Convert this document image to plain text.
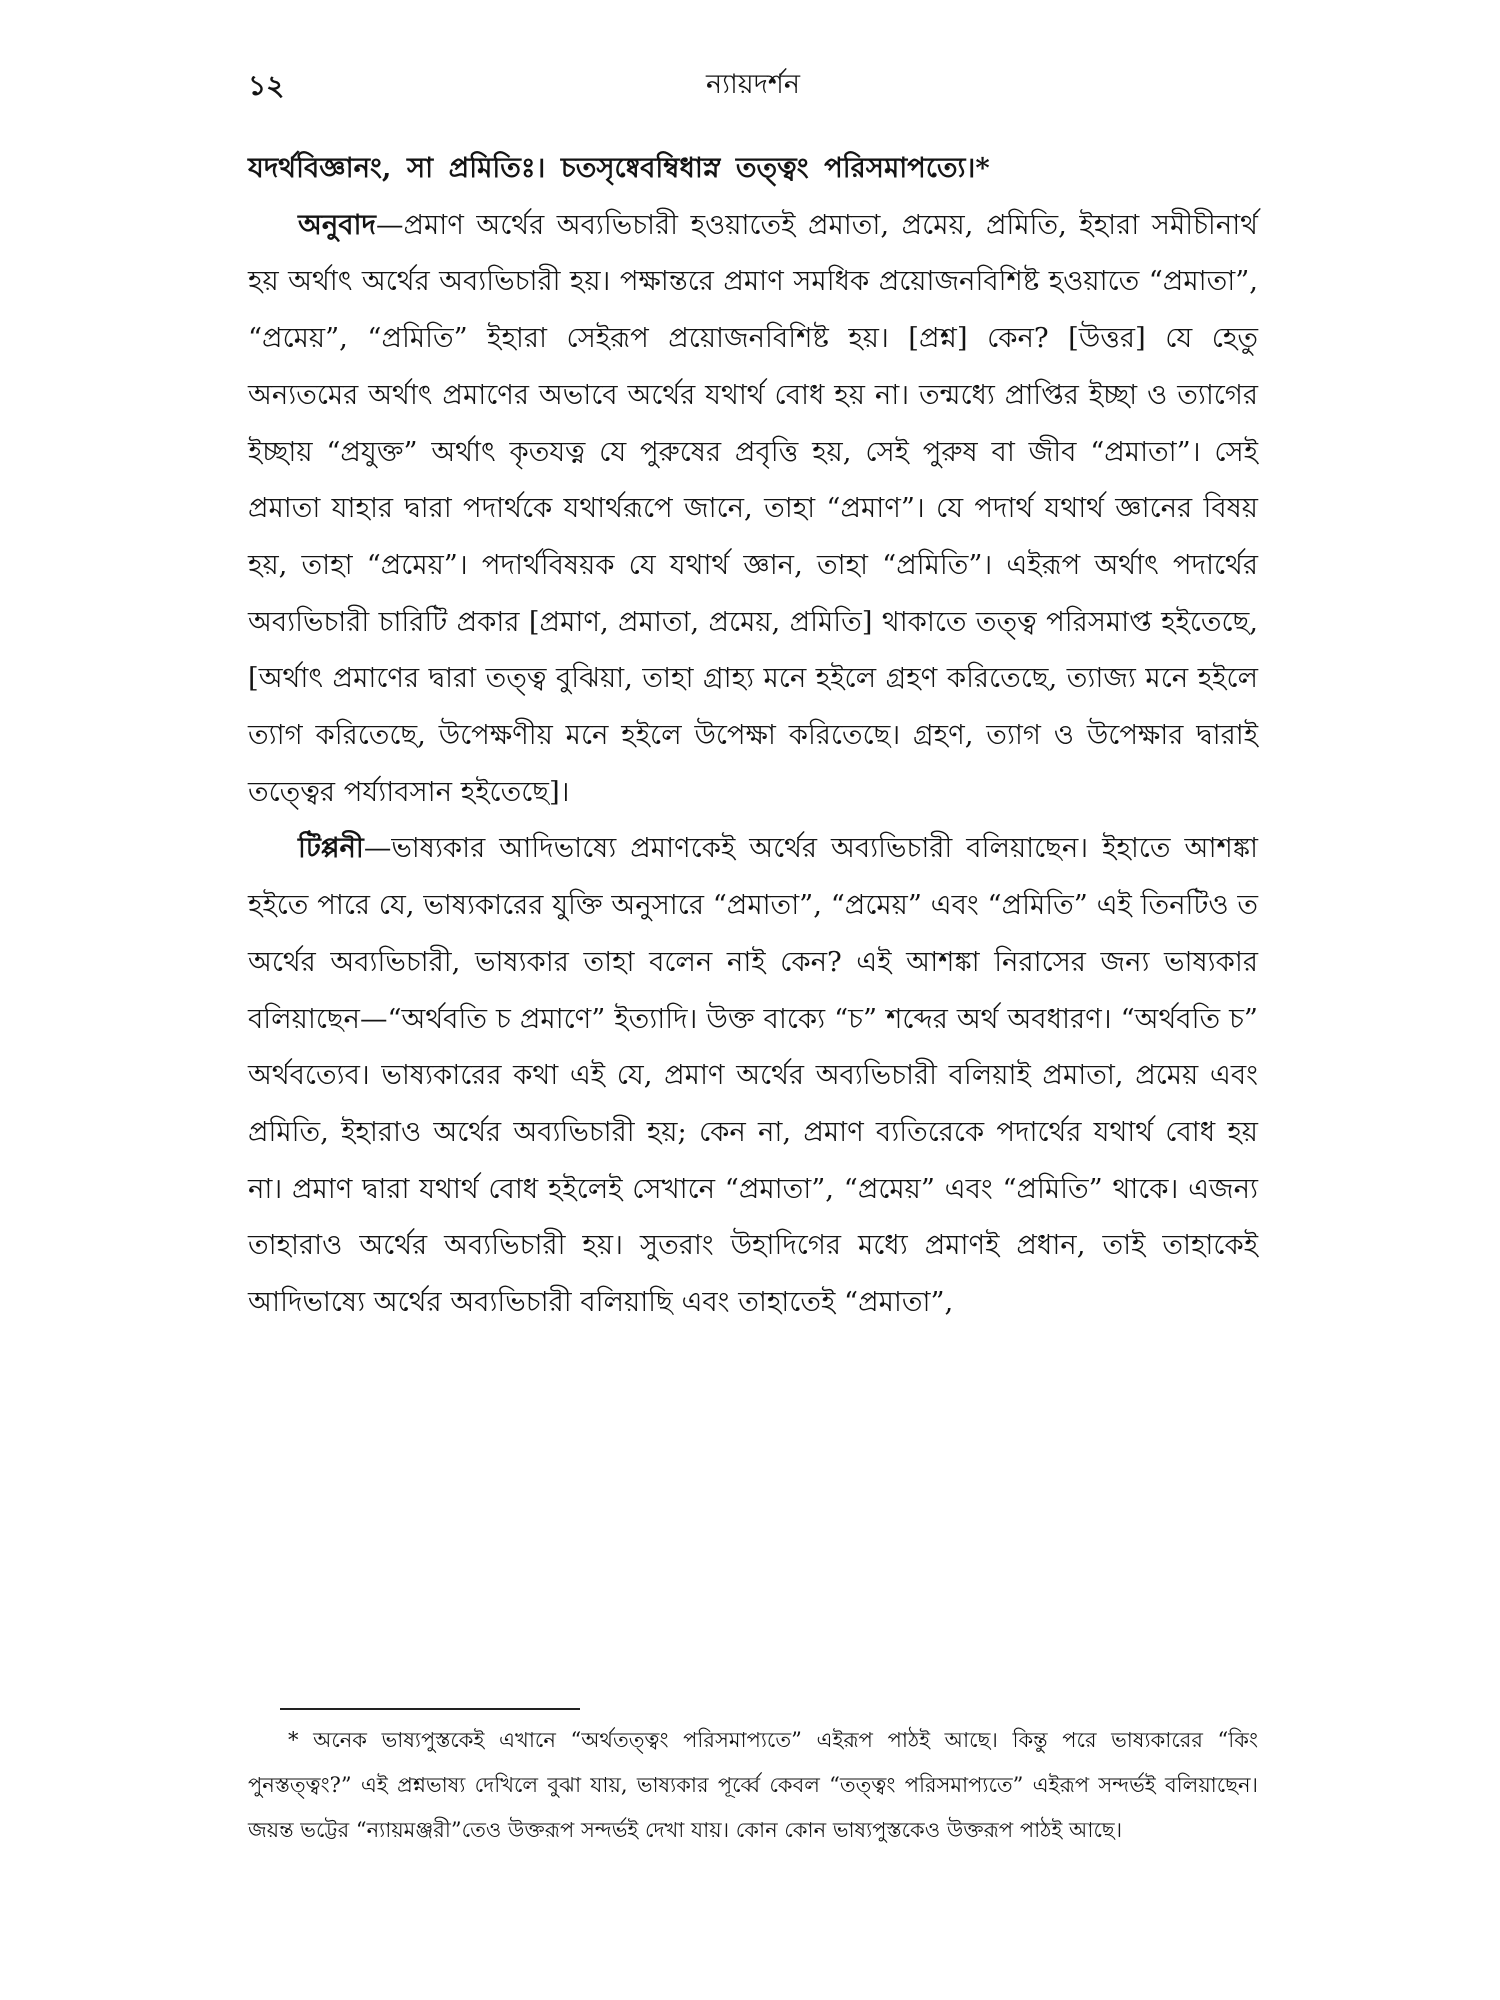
১২	ন্যায়দর্শন

যদর্থবিজ্ঞানং, সা প্রমিতিঃ। চতসৃষ্বেবম্বিধাস্ন তত্ত্বং পরিসমাপত্যে।*

অনুবাদ—প্রমাণ অর্থের অব্যভিচারী হওয়াতেই প্রমাতা, প্রমেয়, প্রমিতি, ইহারা সমীচীনার্থ হয় অর্থাৎ অর্থের অব্যভিচারী হয়। পক্ষান্তরে প্রমাণ সমধিক প্রয়োজনবিশিষ্ট হওয়াতে “প্রমাতা”, “প্রমেয়”, “প্রমিতি” ইহারা সেইরূপ প্রয়োজনবিশিষ্ট হয়। [প্রশ্ন] কেন? [উত্তর] যে হেতু অন্যতমের অর্থাৎ প্রমাণের অভাবে অর্থের যথার্থ বোধ হয় না। তন্মধ্যে প্রাপ্তির ইচ্ছা ও ত্যাগের ইচ্ছায় “প্রযুক্ত” অর্থাৎ কৃতযত্ন যে পুরুষের প্রবৃত্তি হয়, সেই পুরুষ বা জীব “প্রমাতা”। সেই প্রমাতা যাহার দ্বারা পদার্থকে যথার্থরূপে জানে, তাহা “প্রমাণ”। যে পদার্থ যথার্থ জ্ঞানের বিষয় হয়, তাহা “প্রমেয়”। পদার্থবিষয়ক যে যথার্থ জ্ঞান, তাহা “প্রমিতি”। এইরূপ অর্থাৎ পদার্থের অব্যভিচারী চারিটি প্রকার [প্রমাণ, প্রমাতা, প্রমেয়, প্রমিতি] থাকাতে তত্ত্ব পরিসমাপ্ত হইতেছে, [অর্থাৎ প্রমাণের দ্বারা তত্ত্ব বুঝিয়া, তাহা গ্রাহ্য মনে হইলে গ্রহণ করিতেছে, ত্যাজ্য মনে হইলে ত্যাগ করিতেছে, উপেক্ষণীয় মনে হইলে উপেক্ষা করিতেছে। গ্রহণ, ত্যাগ ও উপেক্ষার দ্বারাই তত্ত্বের পর্য্যাবসান হইতেছে]।

টিপ্পনী—ভাষ্যকার আদিভাষ্যে প্রমাণকেই অর্থের অব্যভিচারী বলিয়াছেন। ইহাতে আশঙ্কা হইতে পারে যে, ভাষ্যকারের যুক্তি অনুসারে “প্রমাতা”, “প্রমেয়” এবং “প্রমিতি” এই তিনটিও ত অর্থের অব্যভিচারী, ভাষ্যকার তাহা বলেন নাই কেন? এই আশঙ্কা নিরাসের জন্য ভাষ্যকার বলিয়াছেন—“অর্থবতি চ প্রমাণে” ইত্যাদি। উক্ত বাক্যে “চ” শব্দের অর্থ অবধারণ। “অর্থবতি চ” অর্থবত্যেব। ভাষ্যকারের কথা এই যে, প্রমাণ অর্থের অব্যভিচারী বলিয়াই প্রমাতা, প্রমেয় এবং প্রমিতি, ইহারাও অর্থের অব্যভিচারী হয়; কেন না, প্রমাণ ব্যতিরেকে পদার্থের যথার্থ বোধ হয় না। প্রমাণ দ্বারা যথার্থ বোধ হইলেই সেখানে “প্রমাতা”, “প্রমেয়” এবং “প্রমিতি” থাকে। এজন্য তাহারাও অর্থের অব্যভিচারী হয়। সুতরাং উহাদিগের মধ্যে প্রমাণই প্রধান, তাই তাহাকেই আদিভাষ্যে অর্থের অব্যভিচারী বলিয়াছি এবং তাহাতেই “প্রমাতা”,

* অনেক ভাষ্যপুস্তকেই এখানে “অর্থতত্ত্বং পরিসমাপ্যতে” এইরূপ পাঠই আছে। কিন্তু পরে ভাষ্যকারের “কিং পুনস্তত্ত্বং?” এই প্রশ্নভাষ্য দেখিলে বুঝা যায়, ভাষ্যকার পূর্ব্বে কেবল “তত্ত্বং পরিসমাপ্যতে” এইরূপ সন্দর্ভই বলিয়াছেন। জয়ন্ত ভট্টের “ন্যায়মঞ্জরী”তেও উক্তরূপ সন্দর্ভই দেখা যায়। কোন কোন ভাষ্যপুস্তকেও উক্তরূপ পাঠই আছে।
